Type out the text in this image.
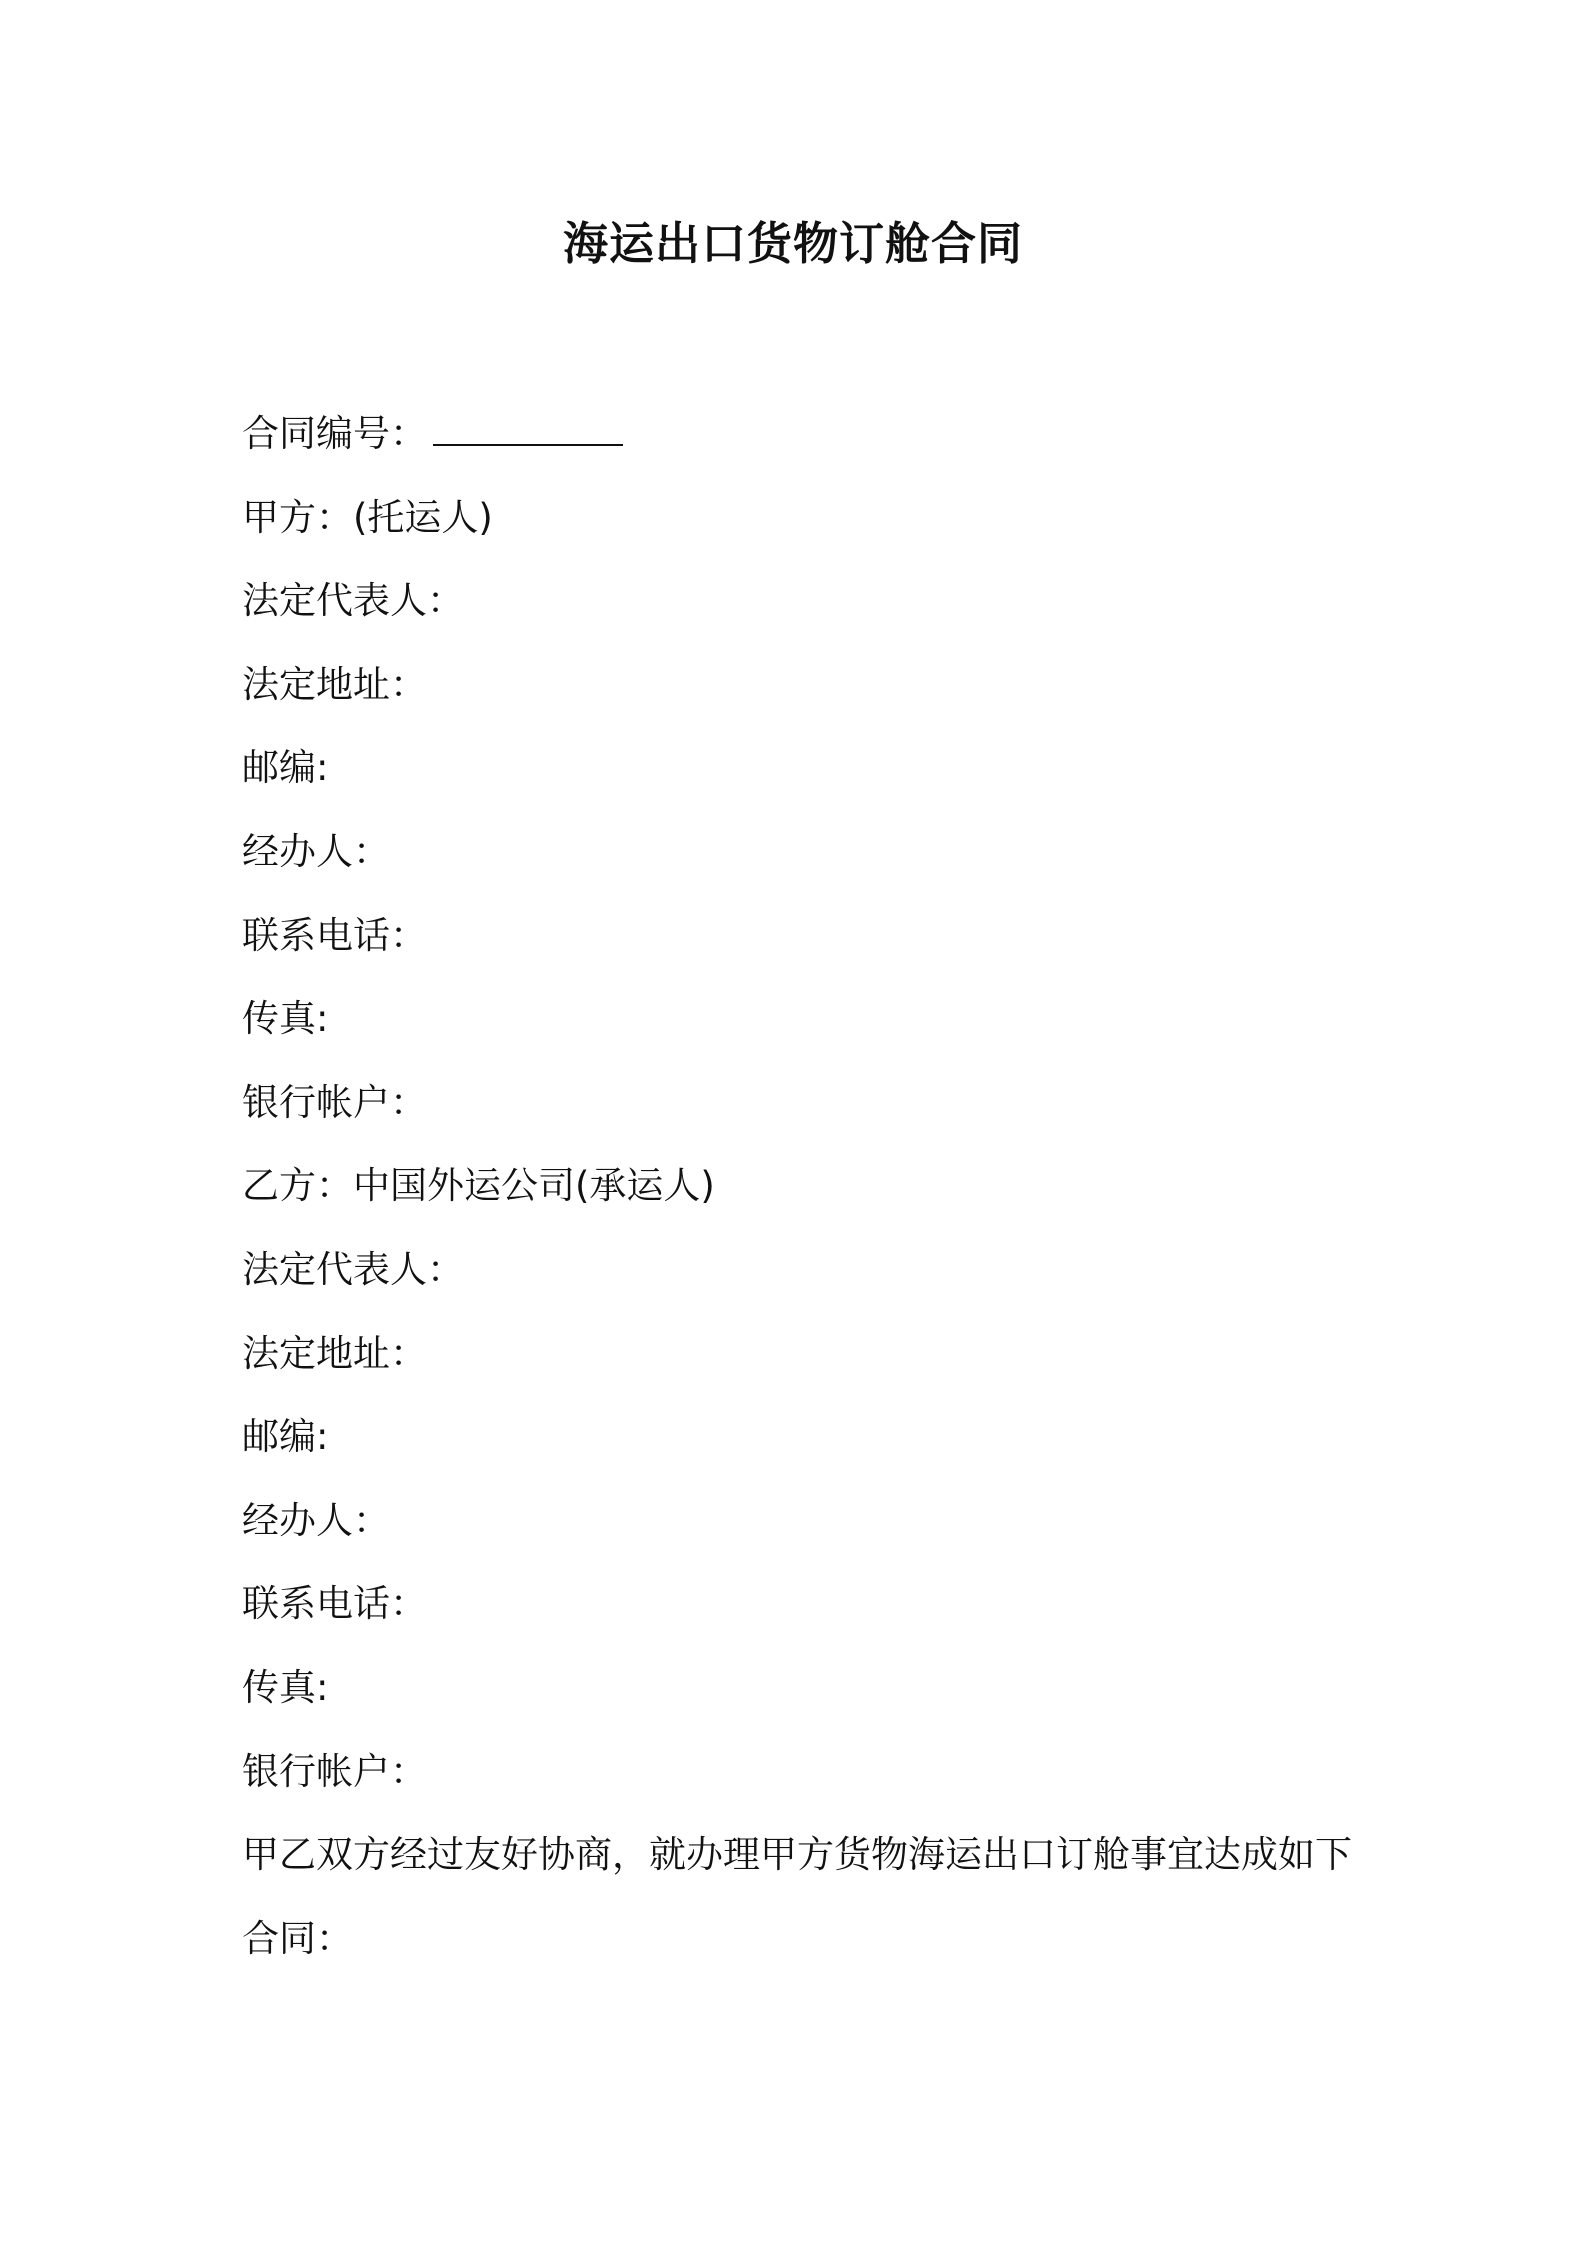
海运出口货物订舱合同
合同编号：
甲方：(托运人)
法定代表人：
法定地址：
邮编:
经办人：
联系电话：
传真:
银行帐户：
乙方：中国外运公司(承运人)
法定代表人：
法定地址：
邮编:
经办人：
联系电话：
传真:
银行帐户：
甲乙双方经过友好协商，就办理甲方货物海运出口订舱事宜达成如下
合同：
